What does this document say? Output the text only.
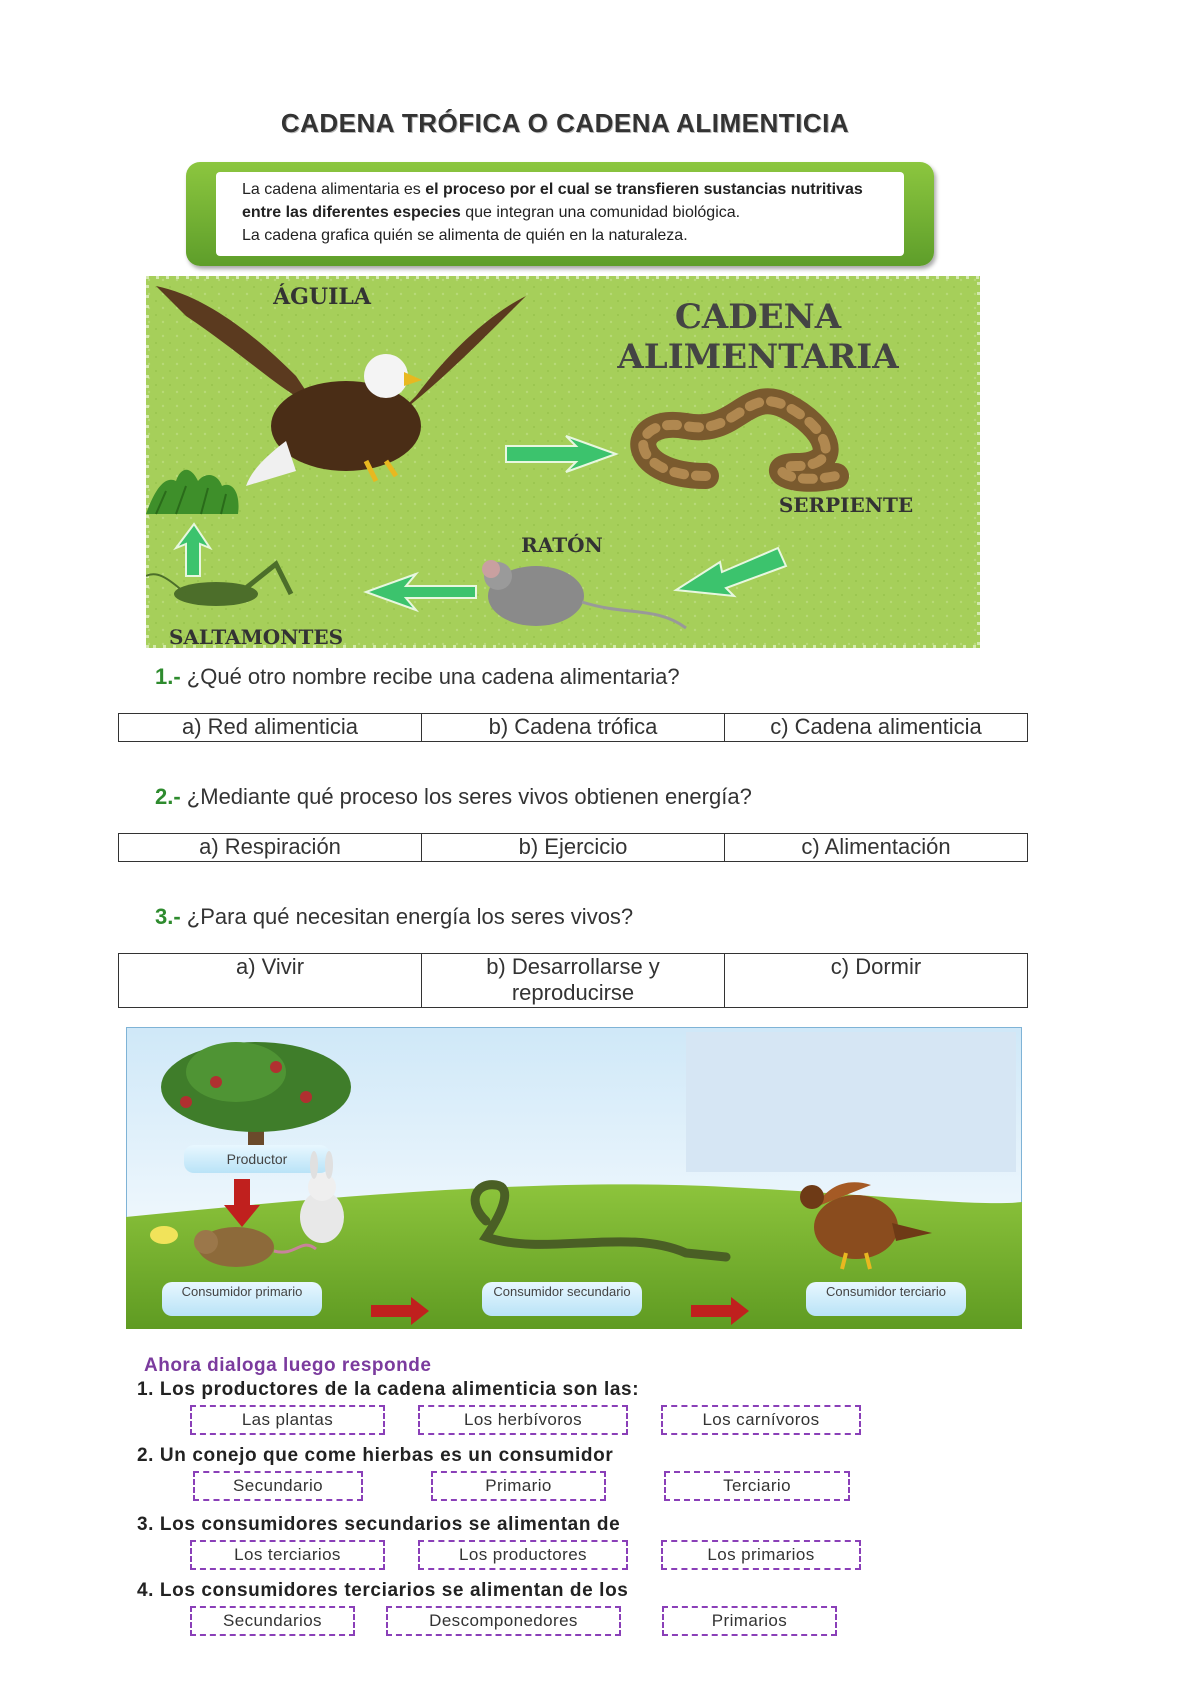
CADENA TRÓFICA O CADENA ALIMENTICIA
La cadena alimentaria es el proceso por el cual se transfieren sustancias nutritivas entre las diferentes especies que integran una comunidad biológica.
La cadena grafica quién se alimenta de quién en la naturaleza.
CADENA
ALIMENTARIA
ÁGUILA
SERPIENTE
RATÓN
SALTAMONTES
1.- ¿Qué otro nombre recibe una cadena alimentaria?
a) Red alimenticia	b) Cadena trófica	c) Cadena alimenticia
2.- ¿Mediante qué proceso los seres vivos obtienen energía?
a) Respiración	b) Ejercicio	c) Alimentación
3.- ¿Para qué necesitan energía los seres vivos?
a) Vivir	b) Desarrollarse y reproducirse	c) Dormir
Productor
Consumidor primario	Consumidor secundario	Consumidor terciario
Ahora dialoga luego responde
1. Los productores de la cadena alimenticia son las:
Las plantas	Los herbívoros	Los carnívoros
2. Un conejo que come hierbas es un consumidor
Secundario	Primario	Terciario
3. Los consumidores secundarios se alimentan de
Los terciarios	Los productores	Los primarios
4. Los consumidores terciarios se alimentan de los
Secundarios	Descomponedores	Primarios
